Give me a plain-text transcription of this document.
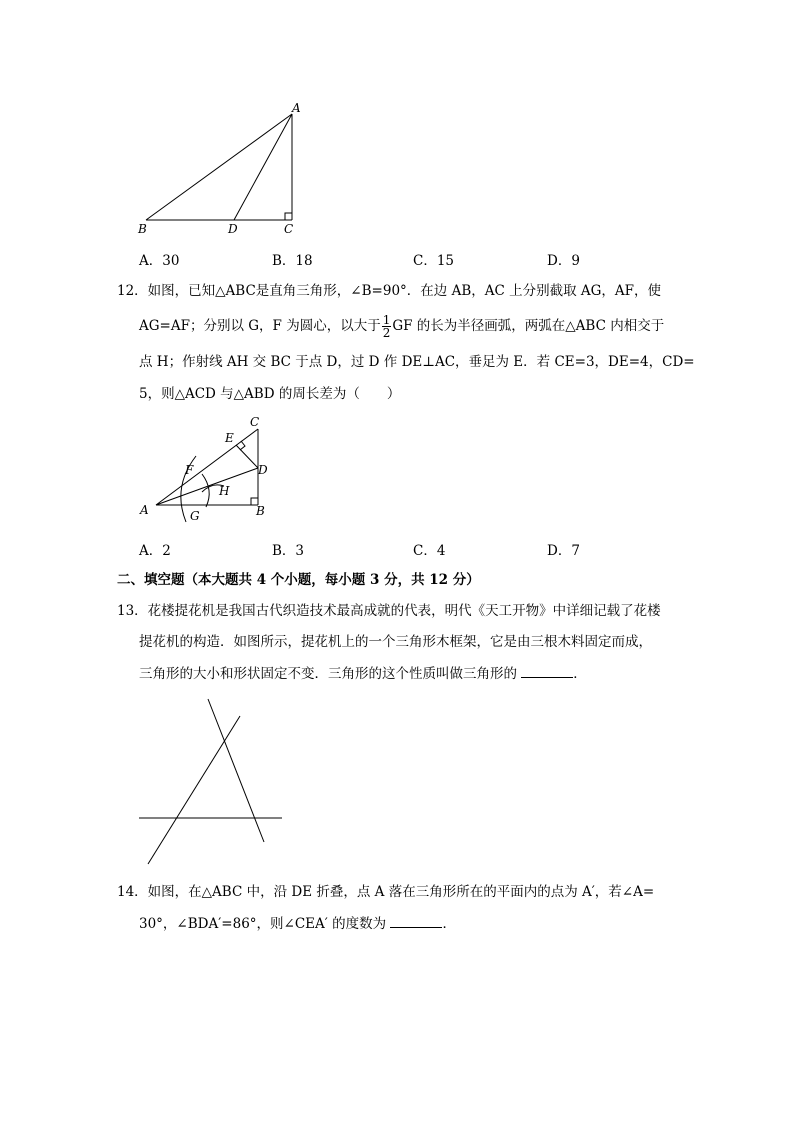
A
B	D	C
A．30	B．18	C．15	D．9
12．如图，已知△ABC是直角三角形，∠B=90°．在边 AB，AC 上分别截取 AG，AF，使
AG=AF；分别以 G，F 为圆心，以大于 $\frac{1}{2}$ GF 的长为半径画弧，两弧在△ABC 内相交于
点 H；作射线 AH 交 BC 于点 D，过 D 作 DE⊥AC，垂足为 E．若 CE=3，DE=4，CD=
5，则△ACD 与△ABD 的周长差为（　　）
A	B
C
D
E
F
G
H
A．2	B．3	C．4	D．7
二、填空题（本大题共 4 个小题，每小题 3 分，共 12 分）
13．花楼提花机是我国古代织造技术最高成就的代表，明代《天工开物》中详细记载了花楼
提花机的构造．如图所示，提花机上的一个三角形木框架，它是由三根木料固定而成，
三角形的大小和形状固定不变．三角形的这个性质叫做三角形的	．
14．如图，在△ABC 中，沿 DE 折叠，点 A 落在三角形所在的平面内的点为 A′，若∠A=
30°，∠BDA′=86°，则∠CEA′ 的度数为	．
